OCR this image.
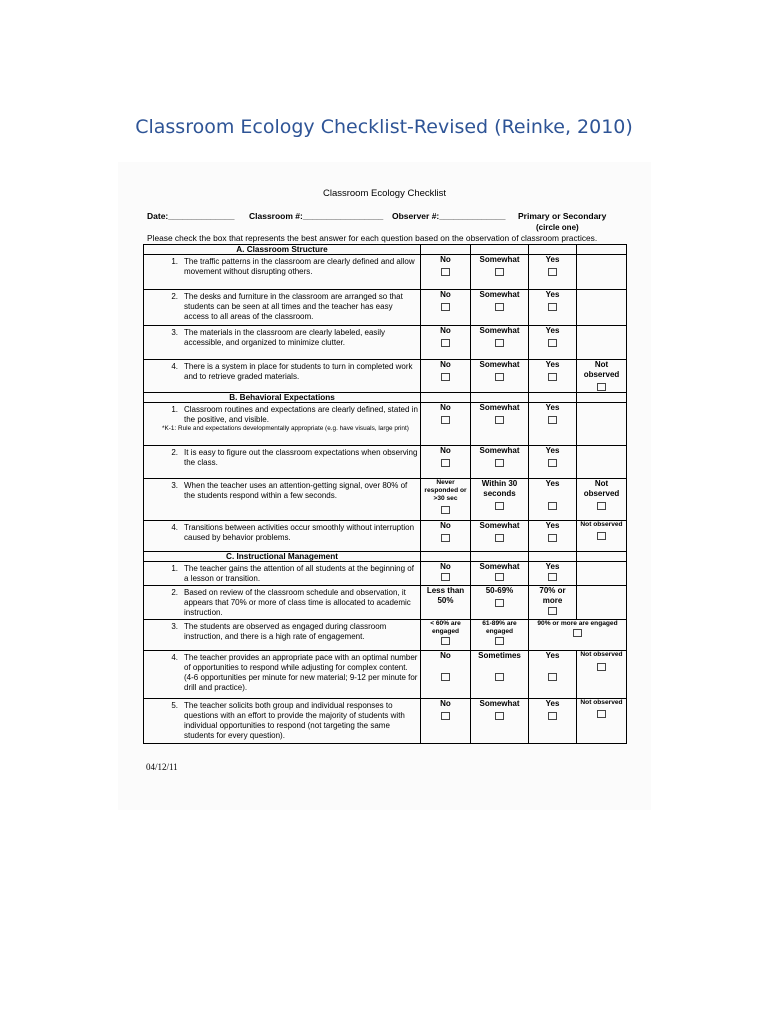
Classroom Ecology Checklist-Revised (Reinke, 2010)
Classroom Ecology Checklist
Date:______________ Classroom #:_________________ Observer #:______________ Primary or Secondary
(circle one)
Please check the box that represents the best answer for each question based on the observation of classroom practices.
A. Classroom Structure				

1. The traffic patterns in the classroom are clearly defined and allow movement without disrupting others.	No	Somewhat	Yes

2. The desks and furniture in the classroom are arranged so that students can be seen at all times and the teacher has easy access to all areas of the classroom.	No	Somewhat	Yes

3. The materials in the classroom are clearly labeled, easily accessible, and organized to minimize clutter.	No	Somewhat	Yes

4. There is a system in place for students to turn in completed work and to retrieve graded materials.	No	Somewhat	Yes	Not observed

B. Behavioral Expectations				

1. Classroom routines and expectations are clearly defined, stated in the positive, and visible.
*K-1: Rule and expectations developmentally appropriate (e.g. have visuals, large print)	No	Somewhat	Yes

2. It is easy to figure out the classroom expectations when observing the class.	No	Somewhat	Yes

3. When the teacher uses an attention-getting signal, over 80% of the students respond within a few seconds.	Never responded or >30 sec	Within 30 seconds	Yes	Not observed

4. Transitions between activities occur smoothly without interruption caused by behavior problems.	No	Somewhat	Yes	Not observed

C. Instructional Management				

1. The teacher gains the attention of all students at the beginning of a lesson or transition.	No	Somewhat	Yes

2. Based on review of the classroom schedule and observation, it appears that 70% or more of class time is allocated to academic instruction.	Less than 50%	50-69%	70% or more

3. The students are observed as engaged during classroom instruction, and there is a high rate of engagement.	< 60% are engaged	61-89% are engaged	90% or more are engaged	

4. The teacher provides an appropriate pace with an optimal number of opportunities to respond while adjusting for complex content. (4-6 opportunities per minute for new material; 9-12 per minute for drill and practice).	No	Sometimes	Yes	Not observed

5. The teacher solicits both group and individual responses to questions with an effort to provide the majority of students with individual opportunities to respond (not targeting the same students for every question).	No	Somewhat	Yes	Not observed
04/12/11
